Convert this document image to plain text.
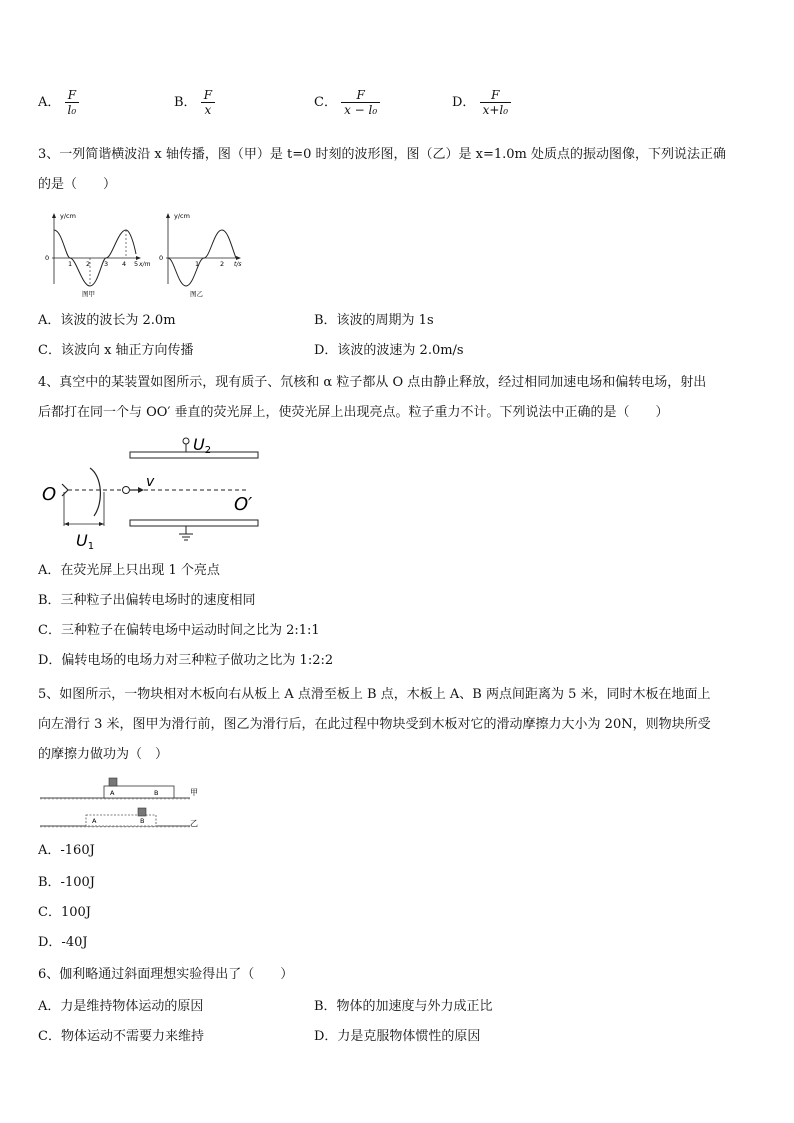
A． $\frac{F}{\text{l₀}}$	B． $\frac{F}{x}$	C． $\frac{F}{\text{x − l₀}}$	D． $\frac{F}{\text{x+l₀}}$
3、一列简谐横波沿 x 轴传播，图（甲）是 t=0 时刻的波形图，图（乙）是 x=1.0m 处质点的振动图像，下列说法正确
的是（　　）
y/cm
0
1 2 3 4 5 x/m
图甲
y/cm
0
1	2 t/s
图乙
A．该波的波长为 2.0m	B．该波的周期为 1s
C．该波向 x 轴正方向传播	D．该波的波速为 2.0m/s
4、真空中的某装置如图所示，现有质子、氘核和 α 粒子都从 O 点由静止释放，经过相同加速电场和偏转电场，射出
后都打在同一个与 OO′ 垂直的荧光屏上，使荧光屏上出现亮点。粒子重力不计。下列说法中正确的是（　　）
O
v
U2
O′
U1
A．在荧光屏上只出现 1 个亮点
B．三种粒子出偏转电场时的速度相同
C．三种粒子在偏转电场中运动时间之比为 2:1:1
D．偏转电场的电场力对三种粒子做功之比为 1:2:2
5、如图所示，一物块相对木板向右从板上 A 点滑至板上 B 点，木板上 A、B 两点间距离为 5 米，同时木板在地面上
向左滑行 3 米，图甲为滑行前，图乙为滑行后，在此过程中物块受到木板对它的滑动摩擦力大小为 20N，则物块所受
的摩擦力做功为（　）
A	B	甲
A	B	乙
A．-160J
B．-100J
C．100J
D．-40J
6、伽利略通过斜面理想实验得出了（　　）
A．力是维持物体运动的原因	B．物体的加速度与外力成正比
C．物体运动不需要力来维持	D．力是克服物体惯性的原因
